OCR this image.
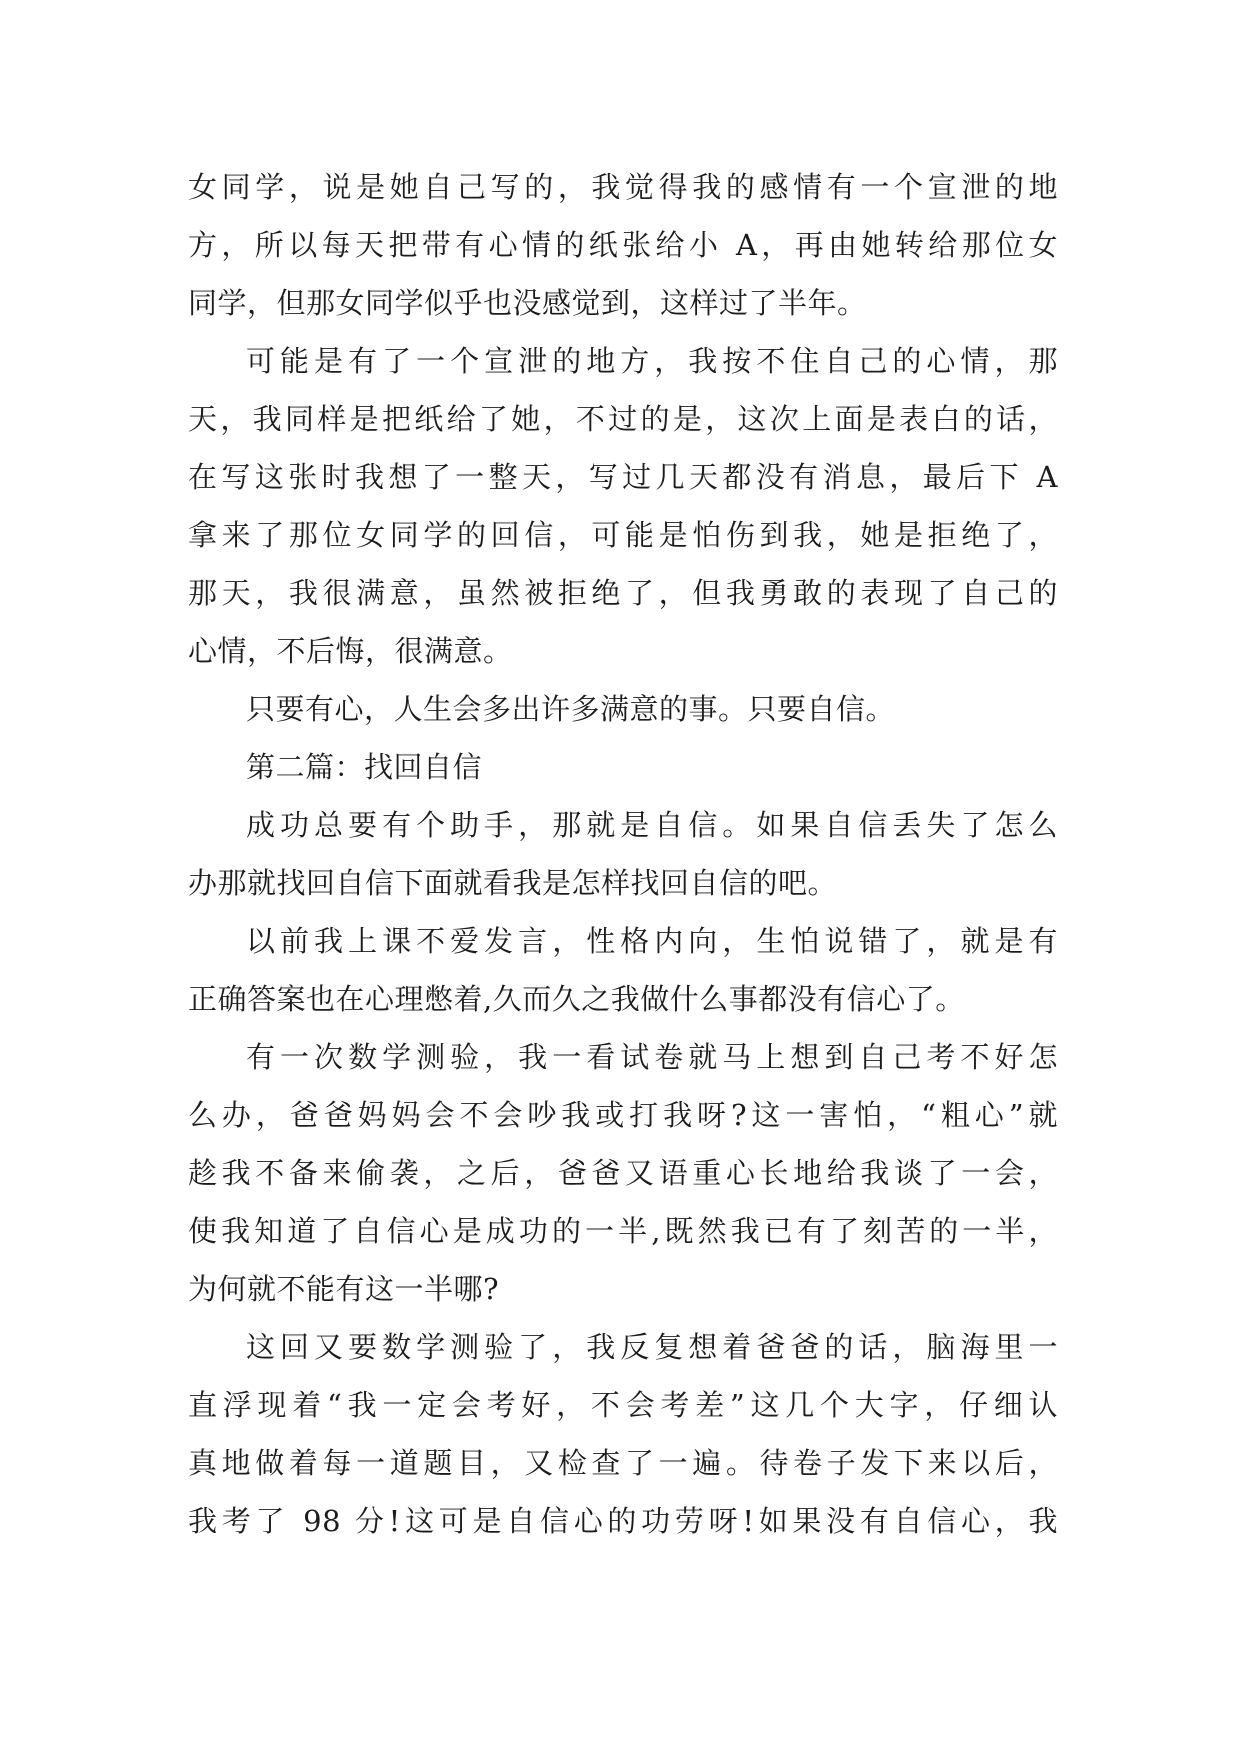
女同学，说是她自己写的，我觉得我的感情有一个宣泄的地
方，所以每天把带有心情的纸张给小 A，再由她转给那位女
同学，但那女同学似乎也没感觉到，这样过了半年。
可能是有了一个宣泄的地方，我按不住自己的心情，那
天，我同样是把纸给了她，不过的是，这次上面是表白的话，
在写这张时我想了一整天，写过几天都没有消息，最后下 A
拿来了那位女同学的回信，可能是怕伤到我，她是拒绝了，
那天，我很满意，虽然被拒绝了，但我勇敢的表现了自己的
心情，不后悔，很满意。
只要有心，人生会多出许多满意的事。只要自信。
第二篇：找回自信
成功总要有个助手，那就是自信。如果自信丢失了怎么
办那就找回自信下面就看我是怎样找回自信的吧。
以前我上课不爱发言，性格内向，生怕说错了，就是有
正确答案也在心理憋着,久而久之我做什么事都没有信心了。
有一次数学测验，我一看试卷就马上想到自己考不好怎
么办，爸爸妈妈会不会吵我或打我呀?这一害怕，“粗心”就
趁我不备来偷袭，之后，爸爸又语重心长地给我谈了一会，
使我知道了自信心是成功的一半,既然我已有了刻苦的一半，
为何就不能有这一半哪?
这回又要数学测验了，我反复想着爸爸的话，脑海里一
直浮现着“我一定会考好，不会考差”这几个大字，仔细认
真地做着每一道题目，又检查了一遍。待卷子发下来以后，
我考了 98 分!这可是自信心的功劳呀!如果没有自信心，我
